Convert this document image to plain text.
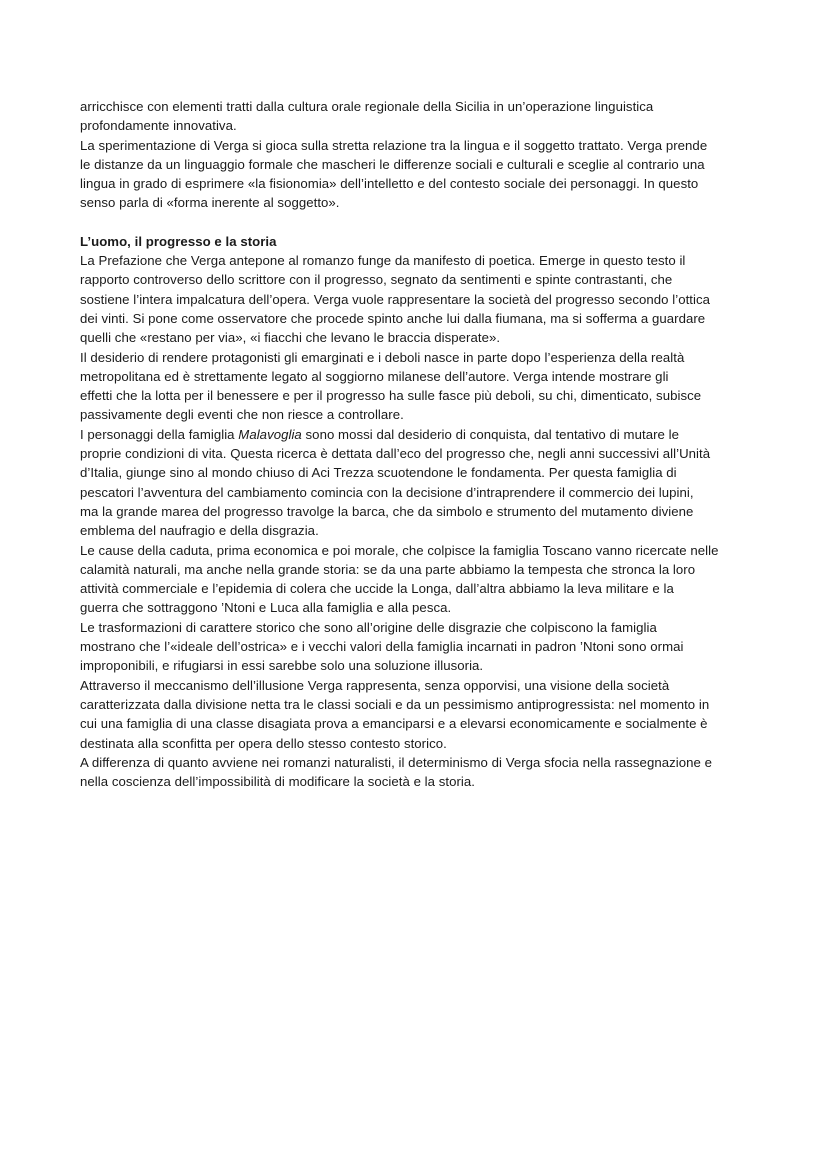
arricchisce con elementi tratti dalla cultura orale regionale della Sicilia in un’operazione linguistica
profondamente innovativa.

La sperimentazione di Verga si gioca sulla stretta relazione tra la lingua e il soggetto trattato. Verga prende
le distanze da un linguaggio formale che mascheri le differenze sociali e culturali e sceglie al contrario una
lingua in grado di esprimere «la fisionomia» dell’intelletto e del contesto sociale dei personaggi. In questo
senso parla di «forma inerente al soggetto».

L’uomo, il progresso e la storia

La Prefazione che Verga antepone al romanzo funge da manifesto di poetica. Emerge in questo testo il
rapporto controverso dello scrittore con il progresso, segnato da sentimenti e spinte contrastanti, che
sostiene l’intera impalcatura dell’opera. Verga vuole rappresentare la società del progresso secondo l’ottica
dei vinti. Si pone come osservatore che procede spinto anche lui dalla fiumana, ma si sofferma a guardare
quelli che «restano per via», «i fiacchi che levano le braccia disperate».

Il desiderio di rendere protagonisti gli emarginati e i deboli nasce in parte dopo l’esperienza della realtà
metropolitana ed è strettamente legato al soggiorno milanese dell’autore. Verga intende mostrare gli
effetti che la lotta per il benessere e per il progresso ha sulle fasce più deboli, su chi, dimenticato, subisce
passivamente degli eventi che non riesce a controllare.

I personaggi della famiglia Malavoglia sono mossi dal desiderio di conquista, dal tentativo di mutare le
proprie condizioni di vita. Questa ricerca è dettata dall’eco del progresso che, negli anni successivi all’Unità
d’Italia, giunge sino al mondo chiuso di Aci Trezza scuotendone le fondamenta. Per questa famiglia di
pescatori l’avventura del cambiamento comincia con la decisione d’intraprendere il commercio dei lupini,
ma la grande marea del progresso travolge la barca, che da simbolo e strumento del mutamento diviene
emblema del naufragio e della disgrazia.

Le cause della caduta, prima economica e poi morale, che colpisce la famiglia Toscano vanno ricercate nelle
calamità naturali, ma anche nella grande storia: se da una parte abbiamo la tempesta che stronca la loro
attività commerciale e l’epidemia di colera che uccide la Longa, dall’altra abbiamo la leva militare e la
guerra che sottraggono ’Ntoni e Luca alla famiglia e alla pesca.

Le trasformazioni di carattere storico che sono all’origine delle disgrazie che colpiscono la famiglia
mostrano che l’«ideale dell’ostrica» e i vecchi valori della famiglia incarnati in padron ’Ntoni sono ormai
improponibili, e rifugiarsi in essi sarebbe solo una soluzione illusoria.

Attraverso il meccanismo dell’illusione Verga rappresenta, senza opporvisi, una visione della società
caratterizzata dalla divisione netta tra le classi sociali e da un pessimismo antiprogressista: nel momento in
cui una famiglia di una classe disagiata prova a emanciparsi e a elevarsi economicamente e socialmente è
destinata alla sconfitta per opera dello stesso contesto storico.

A differenza di quanto avviene nei romanzi naturalisti, il determinismo di Verga sfocia nella rassegnazione e
nella coscienza dell’impossibilità di modificare la società e la storia.
